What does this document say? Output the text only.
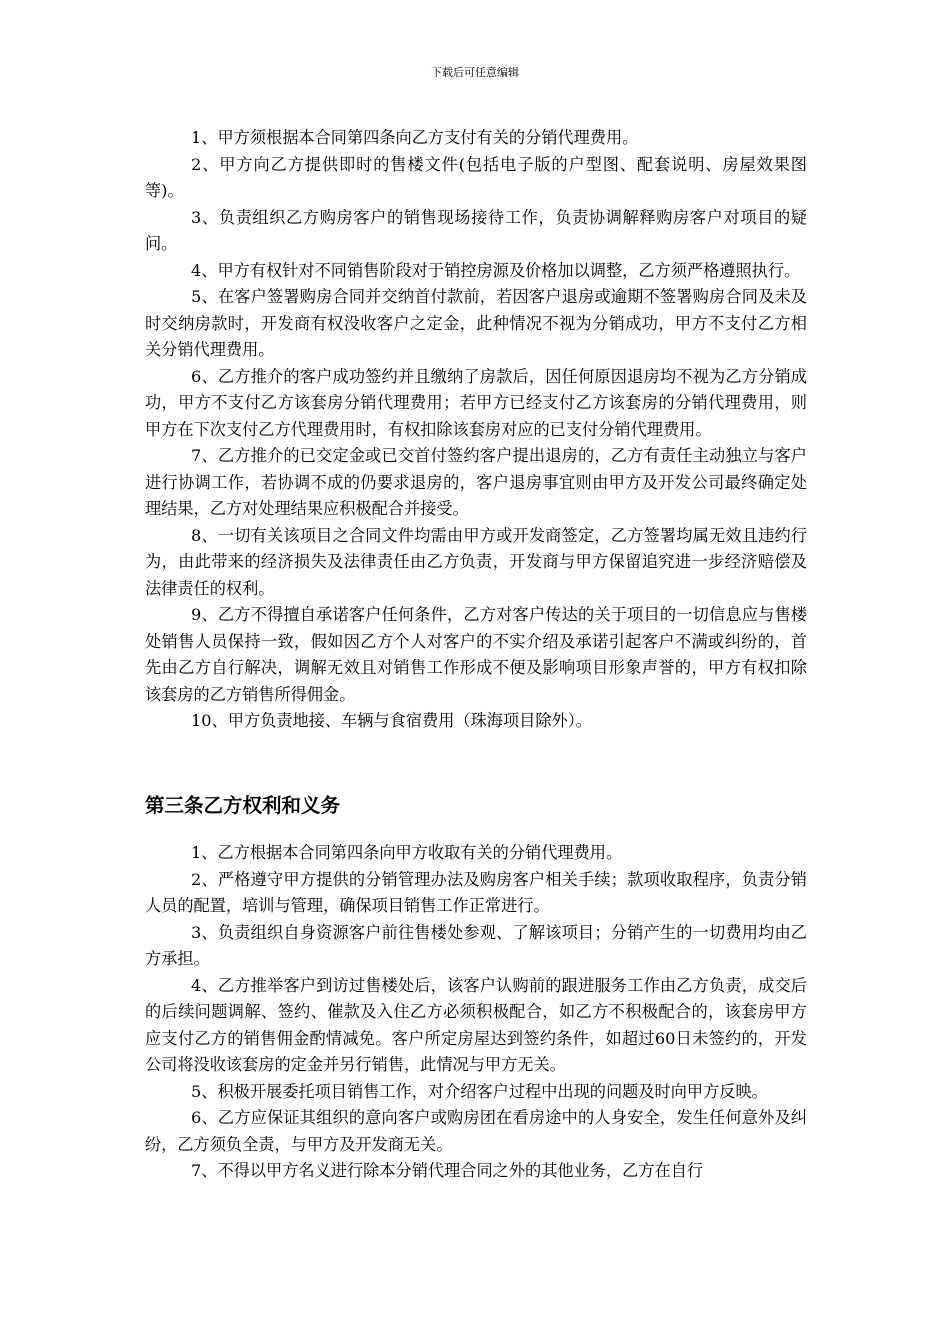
下载后可任意编辑

1、甲方须根据本合同第四条向乙方支付有关的分销代理费用。

2、甲方向乙方提供即时的售楼文件(包括电子版的户型图、配套说明、房屋效果图等)。

3、负责组织乙方购房客户的销售现场接待工作，负责协调解释购房客户对项目的疑问。

4、甲方有权针对不同销售阶段对于销控房源及价格加以调整，乙方须严格遵照执行。

5、在客户签署购房合同并交纳首付款前，若因客户退房或逾期不签署购房合同及未及时交纳房款时，开发商有权没收客户之定金，此种情况不视为分销成功，甲方不支付乙方相关分销代理费用。

6、乙方推介的客户成功签约并且缴纳了房款后，因任何原因退房均不视为乙方分销成功，甲方不支付乙方该套房分销代理费用；若甲方已经支付乙方该套房的分销代理费用，则甲方在下次支付乙方代理费用时，有权扣除该套房对应的已支付分销代理费用。

7、乙方推介的已交定金或已交首付签约客户提出退房的，乙方有责任主动独立与客户进行协调工作，若协调不成的仍要求退房的，客户退房事宜则由甲方及开发公司最终确定处理结果，乙方对处理结果应积极配合并接受。

8、一切有关该项目之合同文件均需由甲方或开发商签定，乙方签署均属无效且违约行为，由此带来的经济损失及法律责任由乙方负责，开发商与甲方保留追究进一步经济赔偿及法律责任的权利。

9、乙方不得擅自承诺客户任何条件，乙方对客户传达的关于项目的一切信息应与售楼处销售人员保持一致，假如因乙方个人对客户的不实介绍及承诺引起客户不满或纠纷的，首先由乙方自行解决，调解无效且对销售工作形成不便及影响项目形象声誉的，甲方有权扣除该套房的乙方销售所得佣金。

10、甲方负责地接、车辆与食宿费用（珠海项目除外）。

第三条乙方权利和义务

1、乙方根据本合同第四条向甲方收取有关的分销代理费用。

2、严格遵守甲方提供的分销管理办法及购房客户相关手续；款项收取程序，负责分销人员的配置，培训与管理，确保项目销售工作正常进行。

3、负责组织自身资源客户前往售楼处参观、了解该项目；分销产生的一切费用均由乙方承担。

4、乙方推举客户到访过售楼处后，该客户认购前的跟进服务工作由乙方负责，成交后的后续问题调解、签约、催款及入住乙方必须积极配合，如乙方不积极配合的，该套房甲方应支付乙方的销售佣金酌情减免。客户所定房屋达到签约条件，如超过60日未签约的，开发公司将没收该套房的定金并另行销售，此情况与甲方无关。

5、积极开展委托项目销售工作，对介绍客户过程中出现的问题及时向甲方反映。

6、乙方应保证其组织的意向客户或购房团在看房途中的人身安全，发生任何意外及纠纷，乙方须负全责，与甲方及开发商无关。

7、不得以甲方名义进行除本分销代理合同之外的其他业务，乙方在自行
